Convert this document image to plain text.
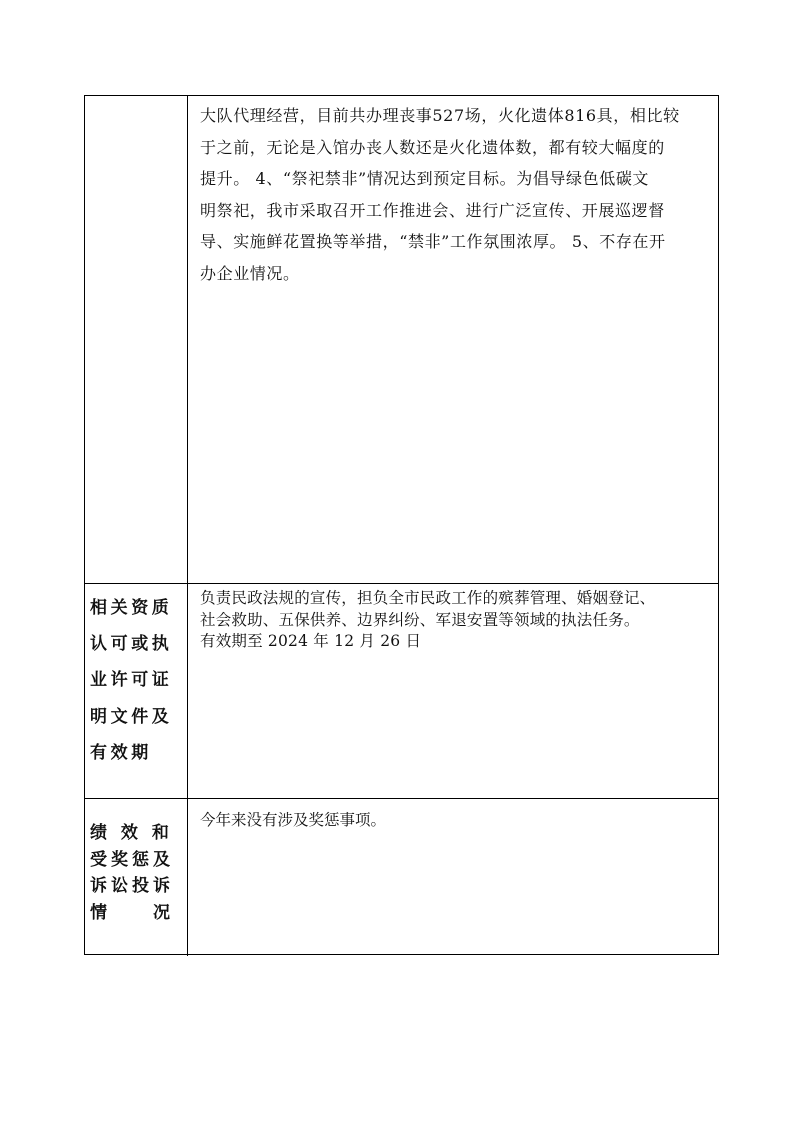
大队代理经营，目前共办理丧事527场，火化遗体816具，相比较
于之前，无论是入馆办丧人数还是火化遗体数，都有较大幅度的
提升。 4、“祭祀禁非”情况达到预定目标。为倡导绿色低碳文
明祭祀，我市采取召开工作推进会、进行广泛宣传、开展巡逻督
导、实施鲜花置换等举措，“禁非”工作氛围浓厚。 5、不存在开
办企业情况。
相关资质
认可或执
业许可证
明文件及
有效期
负责民政法规的宣传，担负全市民政工作的殡葬管理、婚姻登记、
社会救助、五保供养、边界纠纷、军退安置等领域的执法任务。
有效期至 2024 年 12 月 26 日
绩 效 和
受奖惩及
诉讼投诉
情　　况
今年来没有涉及奖惩事项。
